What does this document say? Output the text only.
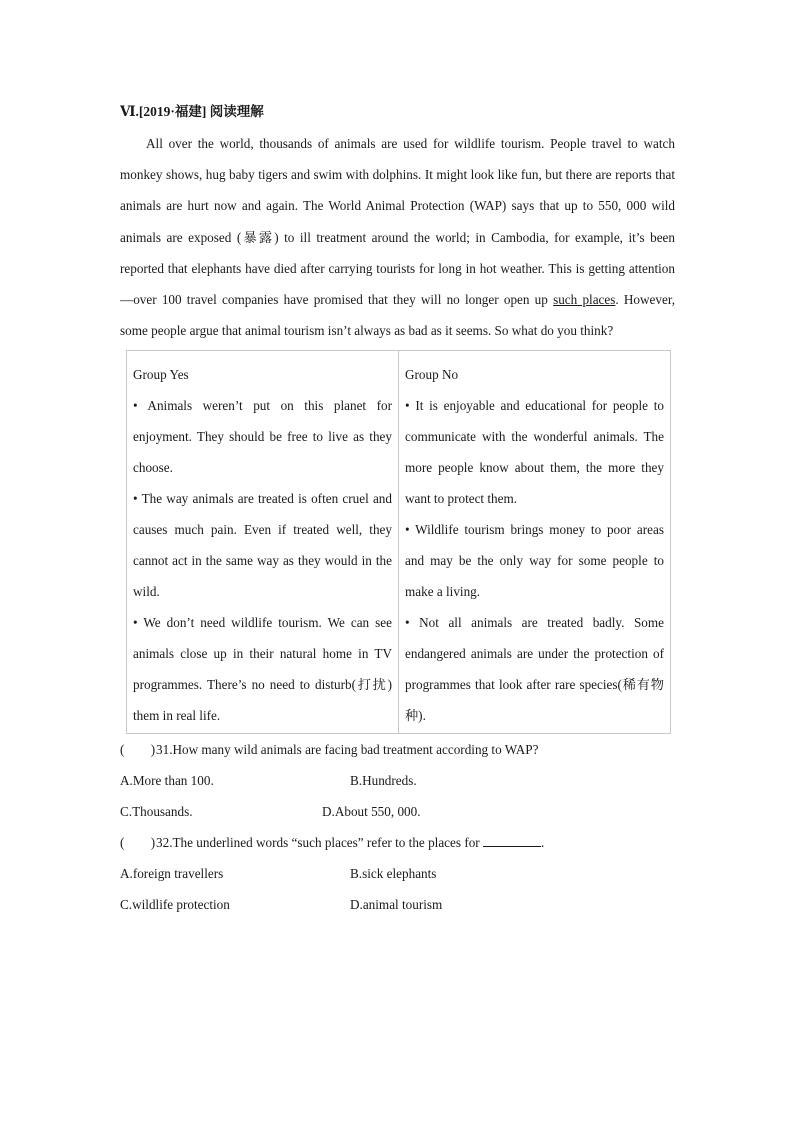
Ⅵ.[2019·福建] 阅读理解

All over the world, thousands of animals are used for wildlife tourism. People travel to watch monkey shows, hug baby tigers and swim with dolphins. It might look like fun, but there are reports that animals are hurt now and again. The World Animal Protection (WAP) says that up to 550, 000 wild animals are exposed (暴露) to ill treatment around the world; in Cambodia, for example, it’s been reported that elephants have died after carrying tourists for long in hot weather. This is getting attention—over 100 travel companies have promised that they will no longer open up such places. However, some people argue that animal tourism isn’t always as bad as it seems. So what do you think?

Group Yes

• Animals weren’t put on this planet for enjoyment. They should be free to live as they choose.

• The way animals are treated is often cruel and causes much pain. Even if treated well, they cannot act in the same way as they would in the wild.

• We don’t need wildlife tourism. We can see animals close up in their natural home in TV programmes. There’s no need to disturb(打扰) them in real life.

Group No

• It is enjoyable and educational for people to communicate with the wonderful animals. The more people know about them, the more they want to protect them.

• Wildlife tourism brings money to poor areas and may be the only way for some people to make a living.

• Not all animals are treated badly. Some endangered animals are under the protection of programmes that look after rare species(稀有物种).

(　　)31.How many wild animals are facing bad treatment according to WAP?

A.More than 100.	B.Hundreds.
C.Thousands.	D.About 550, 000.

(　　)32.The underlined words “such places” refer to the places for	.

A.foreign travellers	B.sick elephants
C.wildlife protection	D.animal tourism
